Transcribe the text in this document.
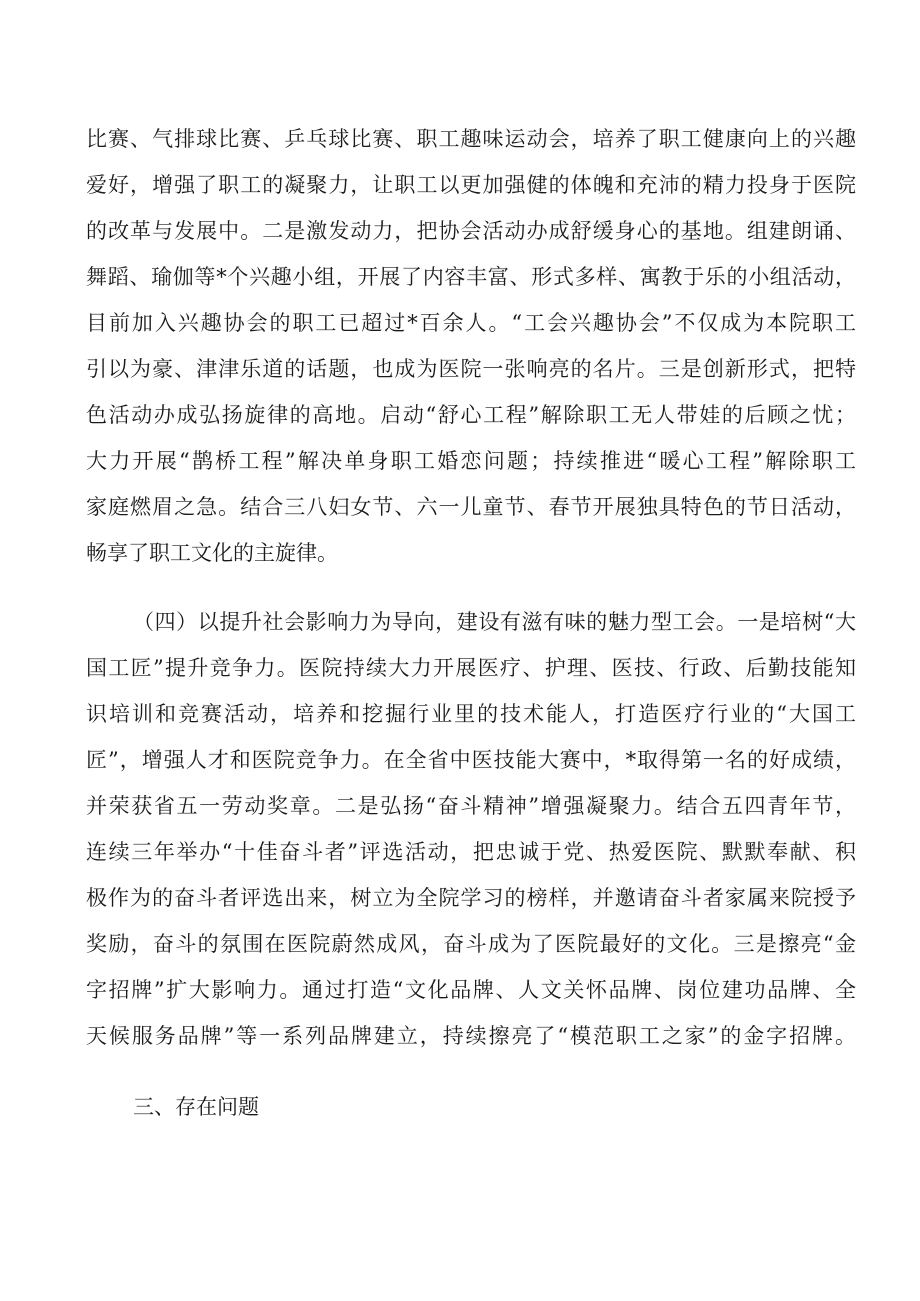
比赛、气排球比赛、乒乓球比赛、职工趣味运动会，培养了职工健康向上的兴趣
爱好，增强了职工的凝聚力，让职工以更加强健的体魄和充沛的精力投身于医院
的改革与发展中。二是激发动力，把协会活动办成舒缓身心的基地。组建朗诵、
舞蹈、瑜伽等*个兴趣小组，开展了内容丰富、形式多样、寓教于乐的小组活动，
目前加入兴趣协会的职工已超过*百余人。“工会兴趣协会”不仅成为本院职工
引以为豪、津津乐道的话题，也成为医院一张响亮的名片。三是创新形式，把特
色活动办成弘扬旋律的高地。启动“舒心工程”解除职工无人带娃的后顾之忧；
大力开展“鹊桥工程”解决单身职工婚恋问题；持续推进“暖心工程”解除职工
家庭燃眉之急。结合三八妇女节、六一儿童节、春节开展独具特色的节日活动，
畅享了职工文化的主旋律。
（四）以提升社会影响力为导向，建设有滋有味的魅力型工会。一是培树“大
国工匠”提升竞争力。医院持续大力开展医疗、护理、医技、行政、后勤技能知
识培训和竞赛活动，培养和挖掘行业里的技术能人，打造医疗行业的“大国工
匠”，增强人才和医院竞争力。在全省中医技能大赛中，*取得第一名的好成绩，
并荣获省五一劳动奖章。二是弘扬“奋斗精神”增强凝聚力。结合五四青年节，
连续三年举办“十佳奋斗者”评选活动，把忠诚于党、热爱医院、默默奉献、积
极作为的奋斗者评选出来，树立为全院学习的榜样，并邀请奋斗者家属来院授予
奖励，奋斗的氛围在医院蔚然成风，奋斗成为了医院最好的文化。三是擦亮“金
字招牌”扩大影响力。通过打造“文化品牌、人文关怀品牌、岗位建功品牌、全
天候服务品牌”等一系列品牌建立，持续擦亮了“模范职工之家”的金字招牌。
三、存在问题
